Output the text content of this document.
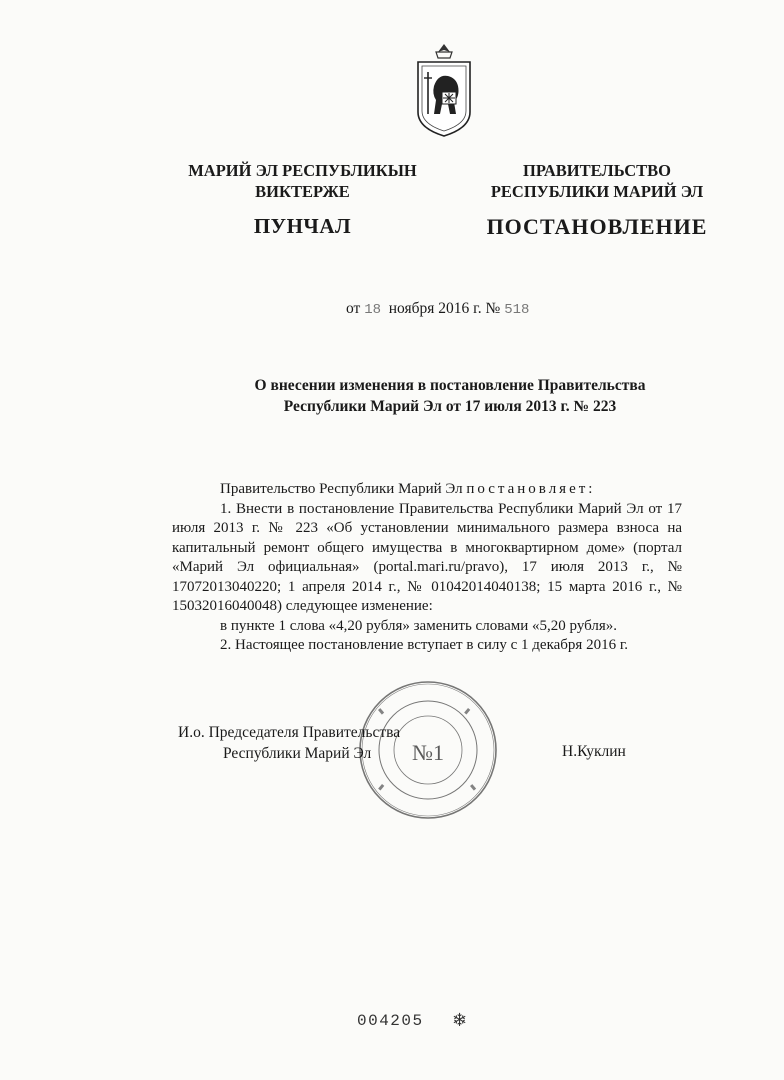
МАРИЙ ЭЛ РЕСПУБЛИКЫН
ВИКТЕРЖЕ
ПУНЧАЛ
ПРАВИТЕЛЬСТВО
РЕСПУБЛИКИ МАРИЙ ЭЛ
ПОСТАНОВЛЕНИЕ
от 18 ноября 2016 г. № 518
О внесении изменения в постановление Правительства
Республики Марий Эл от 17 июля 2013 г. № 223

Правительство Республики Марий Эл постановляет:

1. Внести в постановление Правительства Республики Марий Эл от 17 июля 2013 г. № 223 «Об установлении минимального размера взноса на капитальный ремонт общего имущества в многоквартирном доме» (портал «Марий Эл официальная» (portal.mari.ru/pravo), 17 июля 2013 г., № 17072013040220; 1 апреля 2014 г., № 01042014040138; 15 марта 2016 г., № 15032016040048) следующее изменение:

в пункте 1 слова «4,20 рубля» заменить словами «5,20 рубля».

2. Настоящее постановление вступает в силу с 1 декабря 2016 г.

№1
И.о. Председателя Правительства
Республики Марий Эл	Н.Куклин
004205 ❄
